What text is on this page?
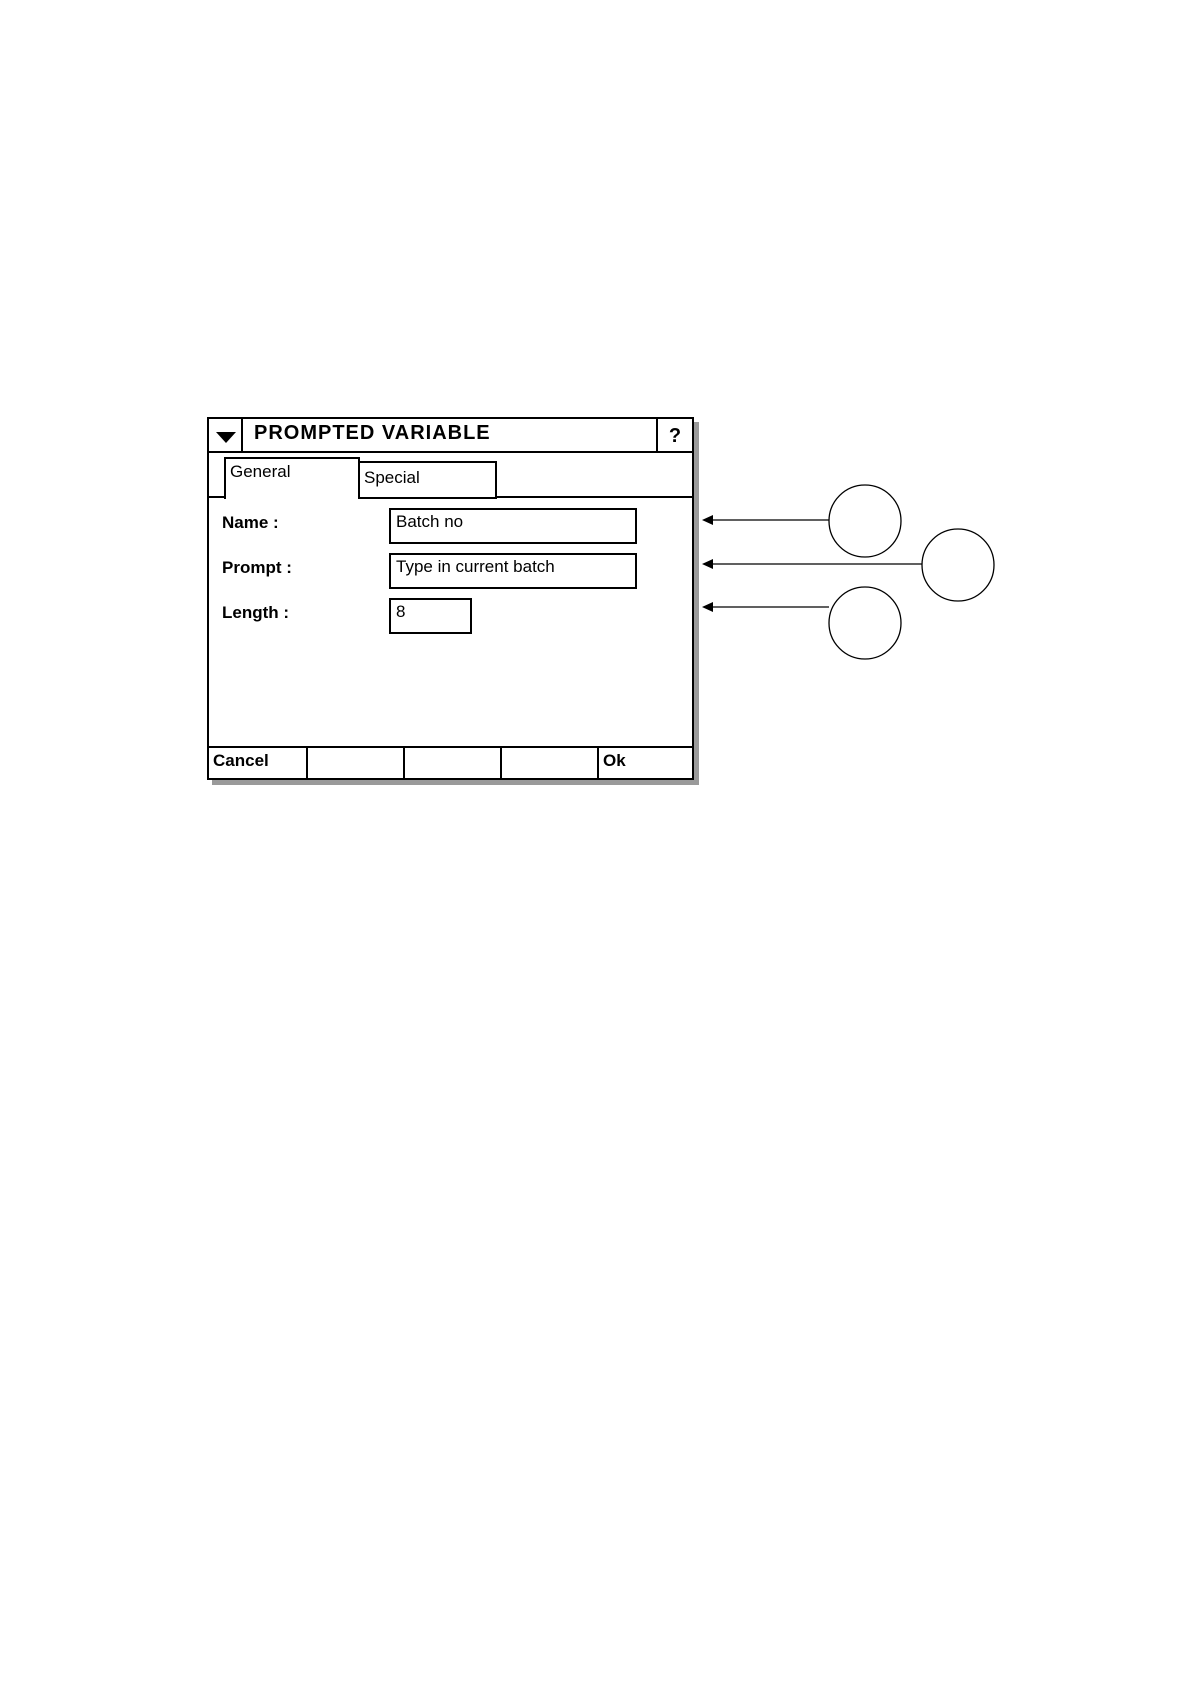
PROMPTED VARIABLE	?
General	Special
Name :	Batch no
Prompt :	Type in current batch
Length :	8
Cancel	Ok
